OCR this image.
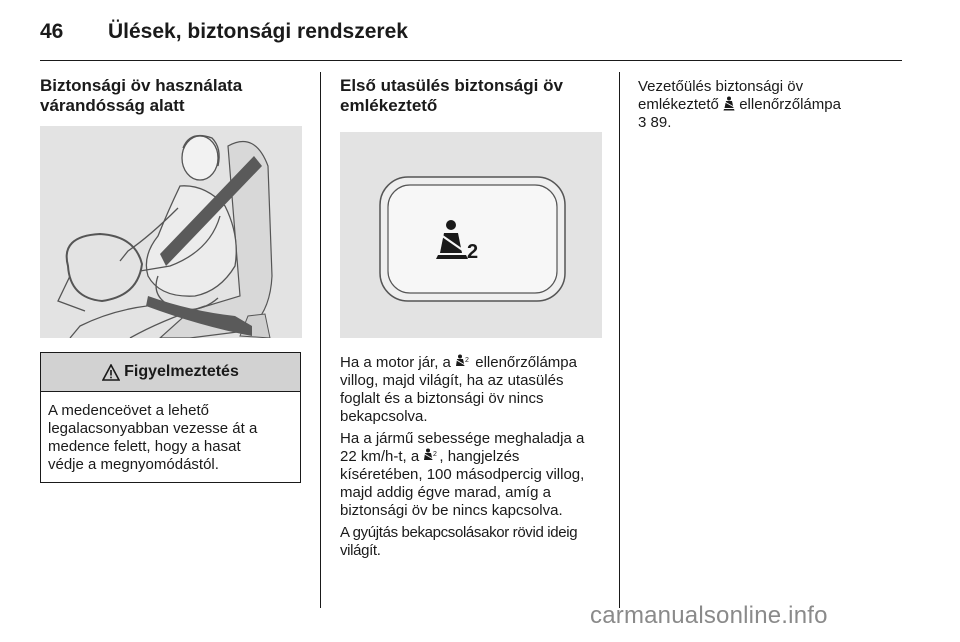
46 Ülések, biztonsági rendszerek
Biztonsági öv használata
várandósság alatt
Figyelmeztetés
A medenceövet a lehető
legalacsonyabban vezesse át a
medence felett, hogy a hasat
védje a megnyomódástól.
Első utasülés biztonsági öv
emlékeztető
2

Ha a motor jár, a 2 ellenőrzőlámpa
villog, majd világít, ha az utasülés
foglalt és a biztonsági öv nincs
bekapcsolva.

Ha a jármű sebessége meghaladja a
22 km/h-t, a 2 , hangjelzés
kíséretében, 100 másodpercig villog,
majd addig égve marad, amíg a
biztonsági öv be nincs kapcsolva.

A gyújtás bekapcsolásakor rövid ideig
világít.

Vezetőülés biztonsági öv
emlékeztető ellenőrzőlámpa
3 89.
carmanualsonline.info
